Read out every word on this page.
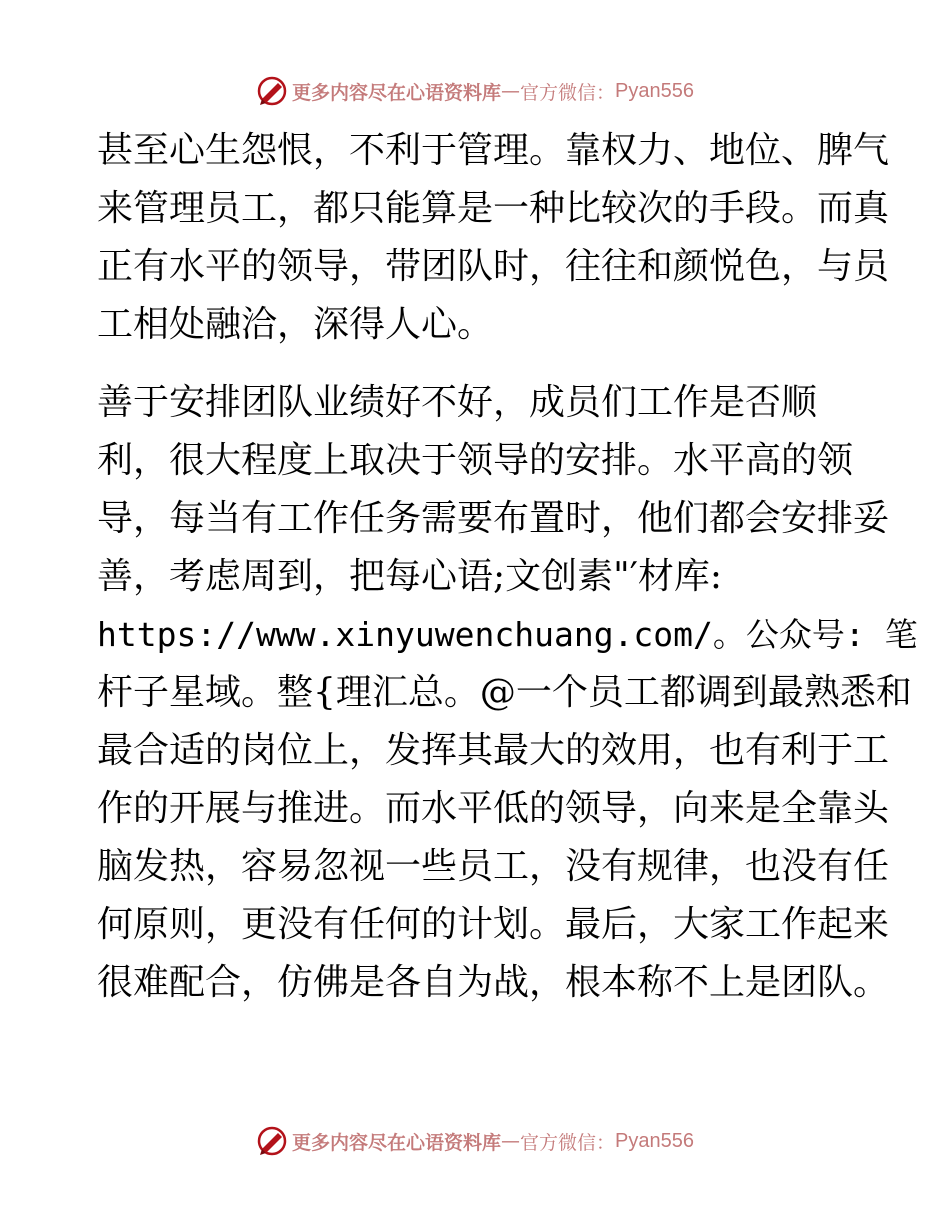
更多内容尽在心语资料库 — 官方微信： Pyan556
甚至心生怨恨，不利于管理。靠权力、地位、脾气
来管理员工，都只能算是一种比较次的手段。而真
正有水平的领导，带团队时，往往和颜悦色，与员
工相处融洽，深得人心。
善于安排团队业绩好不好，成员们工作是否顺
利，很大程度上取决于领导的安排。水平高的领
导，每当有工作任务需要布置时，他们都会安排妥
善，考虑周到，把每心语;文创素"′材库:
https://www.xinyuwenchuang.com/。公众号: 笔
杆子星域。整{理汇总。@一个员工都调到最熟悉和
最合适的岗位上，发挥其最大的效用，也有利于工
作的开展与推进。而水平低的领导，向来是全靠头
脑发热，容易忽视一些员工，没有规律，也没有任
何原则，更没有任何的计划。最后，大家工作起来
很难配合，仿佛是各自为战，根本称不上是团队。
更多内容尽在心语资料库 — 官方微信： Pyan556
